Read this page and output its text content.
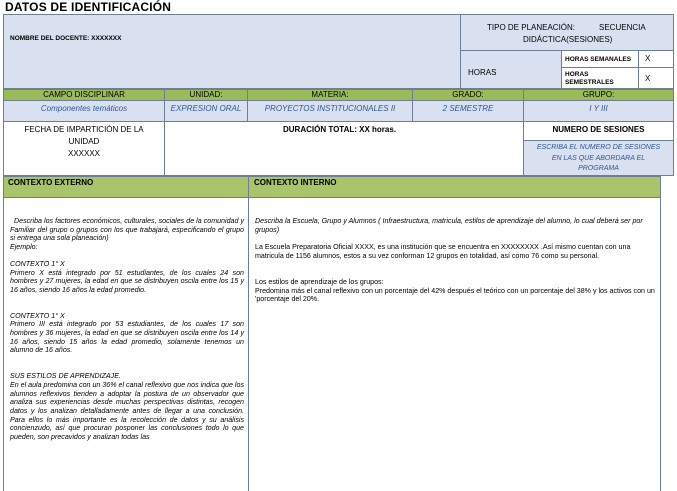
DATOS DE IDENTIFICACIÓN
NOMBRE DEL DOCENTE: XXXXXXX
TIPO DE PLANEACIÓN:	SECUENCIA
DIDÁCTICA(SESIONES)
HORAS
HORAS SEMANALES X
HORAS
SEMESTRALES	X
CAMPO DISCIPLINAR	UNIDAD:	MATERIA:	GRADO:	GRUPO:
Componentes temáticos	EXPRESION ORAL	PROYECTOS INSTITUCIONALES II	2 SEMESTRE	I Y III
FECHA DE IMPARTICIÓN DE LA
UNIDAD
XXXXXX
DURACIÓN TOTAL: XX horas.	NUMERO DE SESIONES
ESCRIBA EL NUMERO DE SESIONES
EN LAS QUE ABORDARA EL
PROGRAMA
CONTEXTO EXTERNO	CONTEXTO INTERNO

Describa los factores económicos, culturales, sociales de la comunidad y Familiar del grupo o grupos con los que trabajará, especificando el grupo si entrega una sola planeación)

Ejemplo:

CONTEXTO 1° X

Primero X está integrado por 51 estudiantes, de los cuales 24 son hombres y 27 mujeres, la edad en que se distribuyen oscila entre los 15 y 16 años, siendo 16 años la edad promedio.

CONTEXTO 1° X

Primero III está integrado por 53 estudiantes, de los cuales 17 son hombres y 36 mujeres, la edad en que se distribuyen oscila entre los 14 y 16 años, siendo 15 años la edad promedio, solamente tenemos un alumno de 16 años.

SUS ESTILOS DE APRENDIZAJE.

En el aula predomina con un 36% el canal reflexivo que nos indica que los alumnos reflexivos tienden a adoptar la postura de un observador que analiza sus experiencias desde muchas perspectivas distintas, recogen datos y los analizan detalladamente antes de llegar a una conclusión. Para ellos lo más importante es la recolección de datos y su análisis concienzudo, así que procuran posponer las conclusiones todo lo que pueden, son precavidos y analizan todas las

Describa la Escuela, Grupo y Alumnos ( Infraestructura, matricula, estilos de aprendizaje del alumno, lo cual deberá ser por grupos)

La Escuela Preparatoria Oficial XXXX, es una institución que se encuentra en XXXXXXXX .Así mismo cuentan con una matricula de 1156 alumnos, estos a su vez conforman 12 grupos en totalidad, así como 76 como su personal.

Los estilos de aprendizaje de los grupos:

Predomina más el canal reflexivo con un porcentaje del 42% después el teórico con un porcentaje del 38% y los activos con un 'porcentaje del 20%.
